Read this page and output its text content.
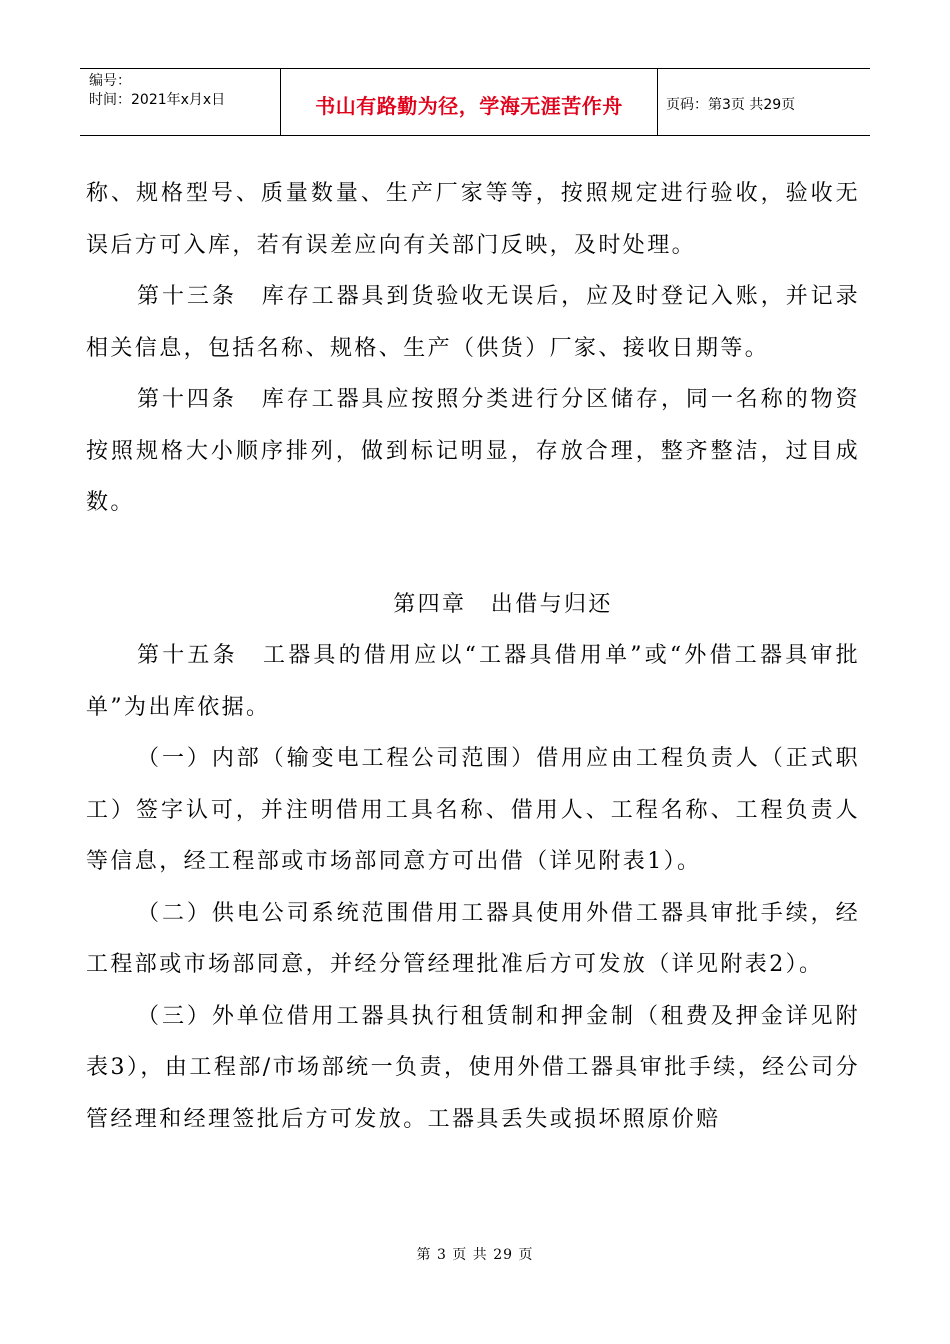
编号：
时间：2021年x月x日	书山有路勤为径，学海无涯苦作舟	页码：第3页 共29页

称、规格型号、质量数量、生产厂家等等，按照规定进行验收，验收无误后方可入库，若有误差应向有关部门反映，及时处理。

第十三条　库存工器具到货验收无误后，应及时登记入账，并记录相关信息，包括名称、规格、生产（供货）厂家、接收日期等。

第十四条　库存工器具应按照分类进行分区储存，同一名称的物资按照规格大小顺序排列，做到标记明显，存放合理，整齐整洁，过目成数。

第四章　出借与归还

第十五条　工器具的借用应以“工器具借用单”或“外借工器具审批单”为出库依据。

（一）内部（输变电工程公司范围）借用应由工程负责人（正式职工）签字认可，并注明借用工具名称、借用人、工程名称、工程负责人等信息，经工程部或市场部同意方可出借（详见附表1）。

（二）供电公司系统范围借用工器具使用外借工器具审批手续，经工程部或市场部同意，并经分管经理批准后方可发放（详见附表2）。

（三）外单位借用工器具执行租赁制和押金制（租费及押金详见附表3），由工程部/市场部统一负责，使用外借工器具审批手续，经公司分管经理和经理签批后方可发放。工器具丢失或损坏照原价赔

第 3 页 共 29 页
